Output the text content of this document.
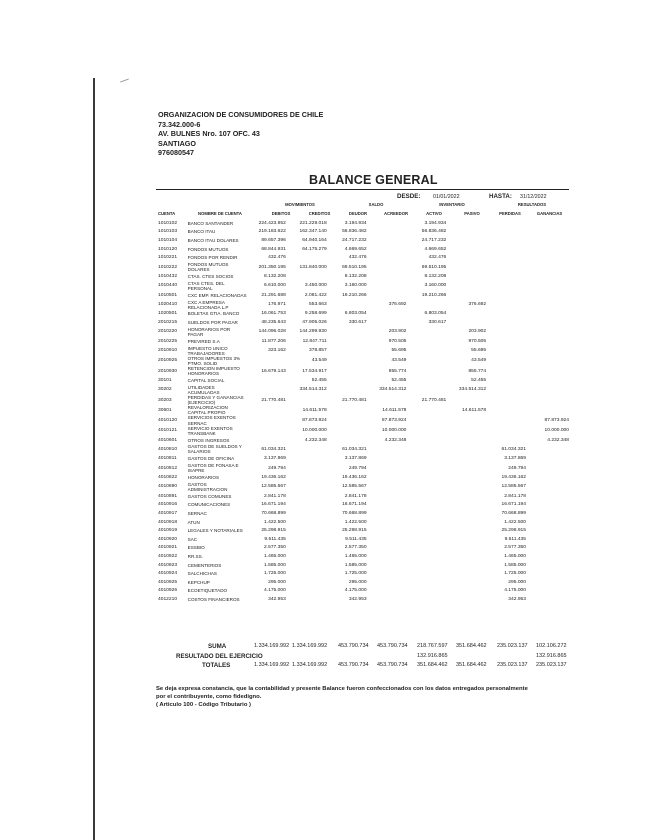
ORGANIZACION DE CONSUMIDORES DE CHILE
73.342.000-6
AV. BULNES Nro. 107 OFC. 43
SANTIAGO
976080547
BALANCE GENERAL
DESDE: 01/01/2022	HASTA: 31/12/2022
MOVIMIENTOS	SALDO	INVENTARIO	RESULTADOS
CUENTA	NOMBRE DE CUENTA	DEBITOS	CREDITOS	DEUDOR	ACREEDOR	ACTIVO	PASIVO	PERDIDAS	GANANCIAS
1010102	BANCO SANTANDER	224.423.952	221.229.018	3.194.934		3.194.934			
1010103	BANCO ITAU	219.183.622	162.347.140	56.836.482		56.836.482			
1010104	BANCO ITAU DOLARES	89.657.396	64.940.164	24.717.232		24.717.232			
1010120	FONDOS MUTUOS	68.844.931	64.175.279	4.669.652		4.669.652			
1010221	FONDOS POR RENDIR	432.476		432.476		432.476			
1010222	FONDOS MUTUOS DOLARES	201.350.195	131.840.000	69.510.195		69.510.195			
1010432	CTAS. CTES SOCIOS	8.132.208		8.132.208		8.132.208			
1010440	CTAS CTES. DEL PERSONAL	6.610.000	3.450.000	3.160.000		3.160.000			
1010501	CXC EMP. RELACIONADAS	21.291.688	2.081.422	19.210.266		19.210.266			
1020410	CXC A EMPRESA RELACIONADA L.P	176.971	553.663		376.692		376.692		
1020501	BOLETAS GTIA. BANCO	16.061.753	9.258.699	6.803.054		6.803.054			
2010215	SUELDOS POR PAGAR	48.235.643	47.905.026	330.617		330.617			
2010220	HONORARIOS POR PAGAR	144.096.028	144.299.930		203.902		203.902		
2010225	PREVIRED S.A	11.877.206	12.847.711		970.505		970.505		
2010910	IMPUESTO UNICO TRABAJADORES	323.162	378.857		55.695		55.695		
2010925	OTROS IMPUESTOS 3% PTMO. SOLID		43.549		43.549		43.549		
2010930	RETENCION IMPUESTO HONORARIOS	16.679.143	17.534.917		855.774		855.774		
30101	CAPITAL SOCIAL		52.455		52.455		52.455		
30202	UTILIDADES ACUMULADAS		334.514.312		334.514.312		334.514.312		
30203	PERDIDAS Y GANANCIAS (EJERCICIO)	21.770.481		21.770.481		21.770.481			
30601	REVALORIZACION CAPITAL PROPIO		14.611.578		14.611.578		14.611.578		
4010120	SERVICIOS EXENTOS SERNAC		87.873.924		87.873.924				87.873.924
4010121	SERVICIO EXENTOS TRANSBANK		10.000.000		10.000.000				10.000.000
4010601	OTROS INGRESOS		4.232.348		4.232.348				4.232.348
4010810	GASTOS DE SUELDOS Y SALARIOS	61.034.321		61.034.321				61.034.321	
4010811	GASTOS DE OFICINA	3.137.869		3.137.869				3.137.869	
4010812	GASTOS DE FONASA E ISAPRE	249.794		249.794				249.794	
4010822	HONORARIOS	19.436.162		19.436.162				19.436.162	
4010890	GASTOS ADMINISTRACION	12.585.567		12.585.567				12.585.567	
4010891	GASTOS COMUNES	2.841.178		2.841.178				2.841.178	
4010916	COMUNICACIONES	16.671.194		16.671.194				16.671.194	
4010917	SERNAC	70.668.899		70.668.899				70.668.899	
4010918	ATUN	1.422.500		1.422.500				1.422.500	
4010919	LEGALES Y NOTARIALES	25.298.915		25.298.915				25.298.915	
4010920	SAC	9.511.435		9.511.435				9.511.435	
4010921	ESSBIO	2.577.350		2.577.350				2.577.350	
4010922	RR.SS.	1.465.000		1.465.000				1.465.000	
4010923	CEMENTERIOS	1.585.000		1.585.000				1.585.000	
4010924	SALCHICHAS	1.725.000		1.725.000				1.725.000	
4010925	KEPCHUP	295.000		295.000				295.000	
4010926	ECOETIQUETADO	4.175.000		4.175.000				4.175.000	
4012210	COSTOS FINANCIEROS	342.953		342.953				342.953	
SUMA	1.334.169.992 1.334.169.992 453.790.734 453.790.734 218.767.597 351.684.462 235.023.137 102.106.272
RESULTADO DEL EJERCICIO	132.916.865	132.916.865
TOTALES	1.334.169.992 1.334.169.992 453.790.734 453.790.734 351.684.462 351.684.462 235.023.137 235.023.137
Se deja expresa constancia, que la contabilidad y presente Balance fueron confeccionados con los datos entregados personalmente
por el contribuyente, como fidedigno.
( Articulo 100 - Código Tributario )
